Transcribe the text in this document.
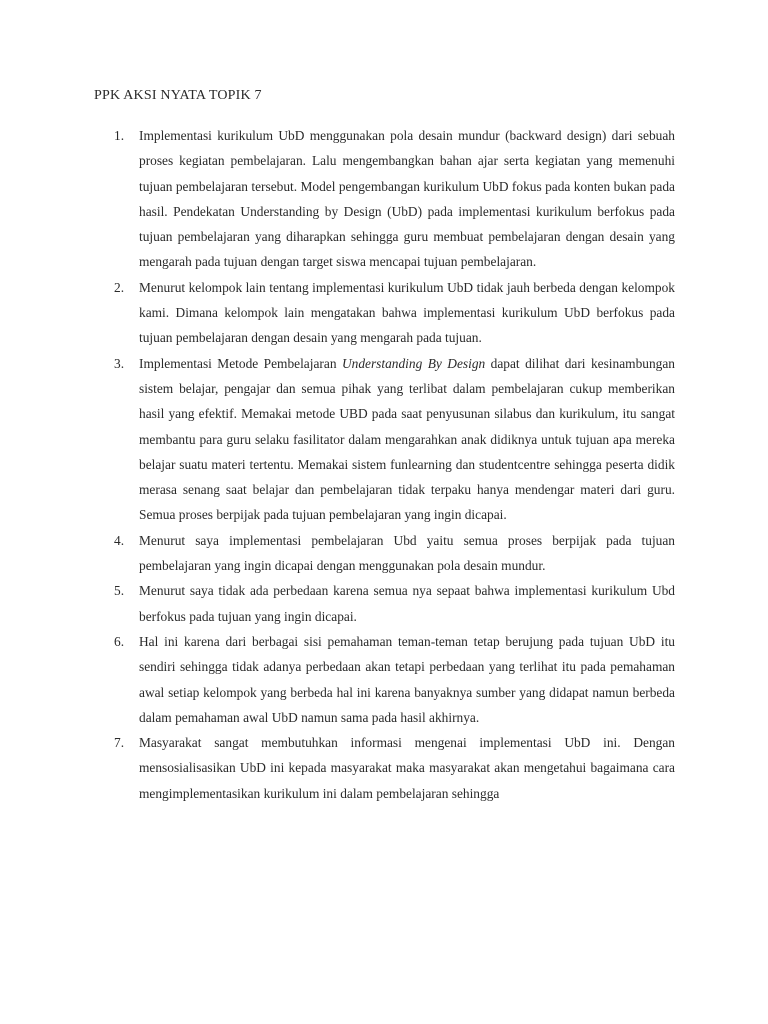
PPK AKSI NYATA TOPIK 7
1. Implementasi kurikulum UbD menggunakan pola desain mundur (backward design) dari sebuah proses kegiatan pembelajaran. Lalu mengembangkan bahan ajar serta kegiatan yang memenuhi tujuan pembelajaran tersebut. Model pengembangan kurikulum UbD fokus pada konten bukan pada hasil. Pendekatan Understanding by Design (UbD) pada implementasi kurikulum berfokus pada tujuan pembelajaran yang diharapkan sehingga guru membuat pembelajaran dengan desain yang mengarah pada tujuan dengan target siswa mencapai tujuan pembelajaran.
2. Menurut kelompok lain tentang implementasi kurikulum UbD tidak jauh berbeda dengan kelompok kami. Dimana kelompok lain mengatakan bahwa implementasi kurikulum UbD berfokus pada tujuan pembelajaran dengan desain yang mengarah pada tujuan.
3. Implementasi Metode Pembelajaran Understanding By Design dapat dilihat dari kesinambungan sistem belajar, pengajar dan semua pihak yang terlibat dalam pembelajaran cukup memberikan hasil yang efektif. Memakai metode UBD pada saat penyusunan silabus dan kurikulum, itu sangat membantu para guru selaku fasilitator dalam mengarahkan anak didiknya untuk tujuan apa mereka belajar suatu materi tertentu. Memakai sistem funlearning dan studentcentre sehingga peserta didik merasa senang saat belajar dan pembelajaran tidak terpaku hanya mendengar materi dari guru. Semua proses berpijak pada tujuan pembelajaran yang ingin dicapai.
4. Menurut saya implementasi pembelajaran Ubd yaitu semua proses berpijak pada tujuan pembelajaran yang ingin dicapai dengan menggunakan pola desain mundur.
5. Menurut saya tidak ada perbedaan karena semua nya sepaat bahwa implementasi kurikulum Ubd berfokus pada tujuan yang ingin dicapai.
6. Hal ini karena dari berbagai sisi pemahaman teman-teman tetap berujung pada tujuan UbD itu sendiri sehingga tidak adanya perbedaan akan tetapi perbedaan yang terlihat itu pada pemahaman awal setiap kelompok yang berbeda hal ini karena banyaknya sumber yang didapat namun berbeda dalam pemahaman awal UbD namun sama pada hasil akhirnya.
7. Masyarakat sangat membutuhkan informasi mengenai implementasi UbD ini. Dengan mensosialisasikan UbD ini kepada masyarakat maka masyarakat akan mengetahui bagaimana cara mengimplementasikan kurikulum ini dalam pembelajaran sehingga
